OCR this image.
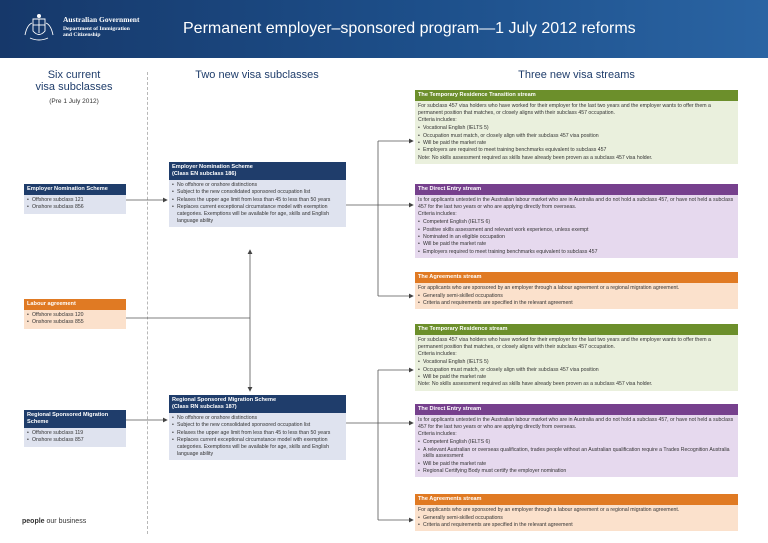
Australian Government
Department of Immigration
and Citizenship	Permanent employer–sponsored program—1 July 2012 reforms
Six current
visa subclasses
(Pre 1 July 2012)
Two new visa subclasses	Three new visa streams
Employer Nomination Scheme
• Offshore subclass 121
• Onshore subclass 856
Labour agreement
• Offshore subclass 120
• Onshore subclass 855
Regional Sponsored Migration Scheme
• Offshore subclass 119
• Onshore subclass 857
Employer Nomination Scheme
(Class EN subclass 186)
• No offshore or onshore distinctions
• Subject to the new consolidated sponsored occupation list
• Relaxes the upper age limit from less than 45 to less than 50 years
• Replaces current exceptional circumstance model with exemption categories. Exemptions will be available for age, skills and English language ability
Regional Sponsored Migration Scheme
(Class RN subclass 187)
• No offshore or onshore distinctions
• Subject to the new consolidated sponsored occupation list
• Relaxes the upper age limit from less than 45 to less than 50 years
• Replaces current exceptional circumstance model with exemption categories. Exemptions will be available for age, skills and English language ability
The Temporary Residence Transition stream

For subclass 457 visa holders who have worked for their employer for the last two years and the employer wants to offer them a permanent position that matches, or closely aligns with their subclass 457 occupation.

Criteria includes:

• Vocational English (IELTS 5)
• Occupation must match, or closely align with their subclass 457 visa position
• Will be paid the market rate
• Employers are required to meet training benchmarks equivalent to subclass 457

Note: No skills assessment required as skills have already been proven as a subclass 457 visa holder.

The Direct Entry stream

Is for applicants untested in the Australian labour market who are in Australia and do not hold a subclass 457, or have not held a subclass 457 for the last two years or who are applying directly from overseas.

Criteria includes:

• Competent English (IELTS 6)
• Positive skills assessment and relevant work experience, unless exempt
• Nominated in an eligible occupation
• Will be paid the market rate
• Employers required to meet training benchmarks equivalent to subclass 457
The Agreements stream

For applicants who are sponsored by an employer through a labour agreement or a regional migration agreement.

• Generally semi-skilled occupations
• Criteria and requirements are specified in the relevant agreement
The Temporary Residence stream

For subclass 457 visa holders who have worked for their employer for the last two years and the employer wants to offer them a permanent position that matches, or closely aligns with their subclass 457 occupation.

Criteria includes:

• Vocational English (IELTS 5)
• Occupation must match, or closely align with their subclass 457 visa position
• Will be paid the market rate

Note: No skills assessment required as skills have already been proven as a subclass 457 visa holder.

The Direct Entry stream

Is for applicants untested in the Australian labour market who are in Australia and do not hold a subclass 457, or have not held a subclass 457 for the last two years or who are applying directly from overseas.

Criteria includes:

• Competent English (IELTS 6)
• A relevant Australian or overseas qualification, trades people without an Australian qualification require a Trades Recognition Australia skills assessment
• Will be paid the market rate
• Regional Certifying Body must certify the employer nomination
The Agreements stream

For applicants who are sponsored by an employer through a labour agreement or a regional migration agreement.

• Generally semi-skilled occupations
• Criteria and requirements are specified in the relevant agreement
people our business
